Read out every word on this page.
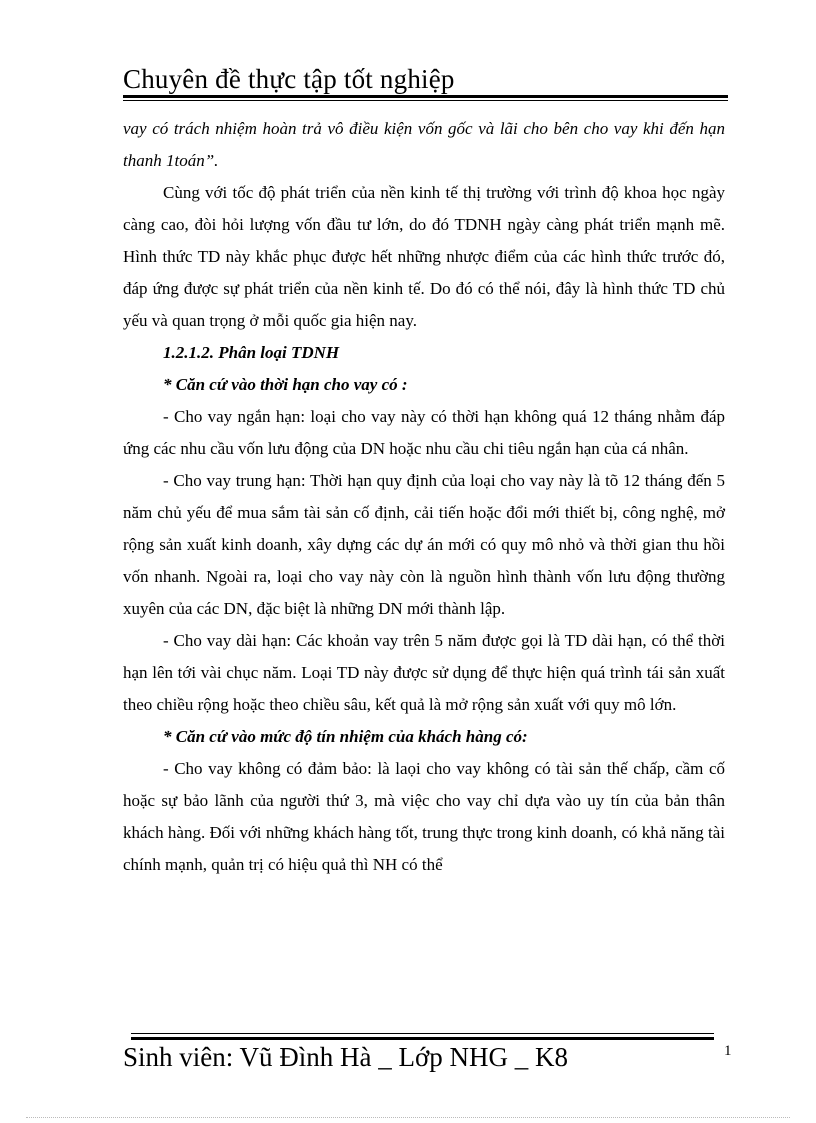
Chuyên đề thực tập tốt nghiệp

vay có trách nhiệm hoàn trả vô điều kiện vốn gốc và lãi cho bên cho vay khi đến hạn thanh 1toán”.

Cùng với tốc độ phát triển của nền kinh tế thị trường với trình độ khoa học ngày càng cao, đòi hỏi lượng vốn đầu tư lớn, do đó TDNH ngày càng phát triển mạnh mẽ. Hình thức TD này khắc phục được hết những nhược điểm của các hình thức trước đó, đáp ứng được sự phát triển của nền kinh tế. Do đó có thể nói, đây là hình thức TD chủ yếu và quan trọng ở mỗi quốc gia hiện nay.

1.2.1.2. Phân loại TDNH

* Căn cứ vào thời hạn cho vay có :

- Cho vay ngắn hạn: loại cho vay này có thời hạn không quá 12 tháng nhằm đáp ứng các nhu cầu vốn lưu động của DN hoặc nhu cầu chi tiêu ngắn hạn của cá nhân.

- Cho vay trung hạn: Thời hạn quy định của loại cho vay này là tõ 12 tháng đến 5 năm chủ yếu để mua sắm tài sản cố định, cải tiến hoặc đổi mới thiết bị, công nghệ, mở rộng sản xuất kinh doanh, xây dựng các dự án mới có quy mô nhỏ và thời gian thu hồi vốn nhanh. Ngoài ra, loại cho vay này còn là nguồn hình thành vốn lưu động thường xuyên của các DN, đặc biệt là những DN mới thành lập.

- Cho vay dài hạn: Các khoản vay trên 5 năm được gọi là TD dài hạn, có thể thời hạn lên tới vài chục năm. Loại TD này được sử dụng để thực hiện quá trình tái sản xuất theo chiều rộng hoặc theo chiều sâu, kết quả là mở rộng sản xuất với quy mô lớn.

* Căn cứ vào mức độ tín nhiệm của khách hàng có:

- Cho vay không có đảm bảo: là laọi cho vay không có tài sản thế chấp, cầm cố hoặc sự bảo lãnh của người thứ 3, mà việc cho vay chỉ dựa vào uy tín của bản thân khách hàng. Đối với những khách hàng tốt, trung thực trong kinh doanh, có khả năng tài chính mạnh, quản trị có hiệu quả thì NH có thể

Sinh viên: Vũ Đình Hà _ Lớp NHG _ K8	1
